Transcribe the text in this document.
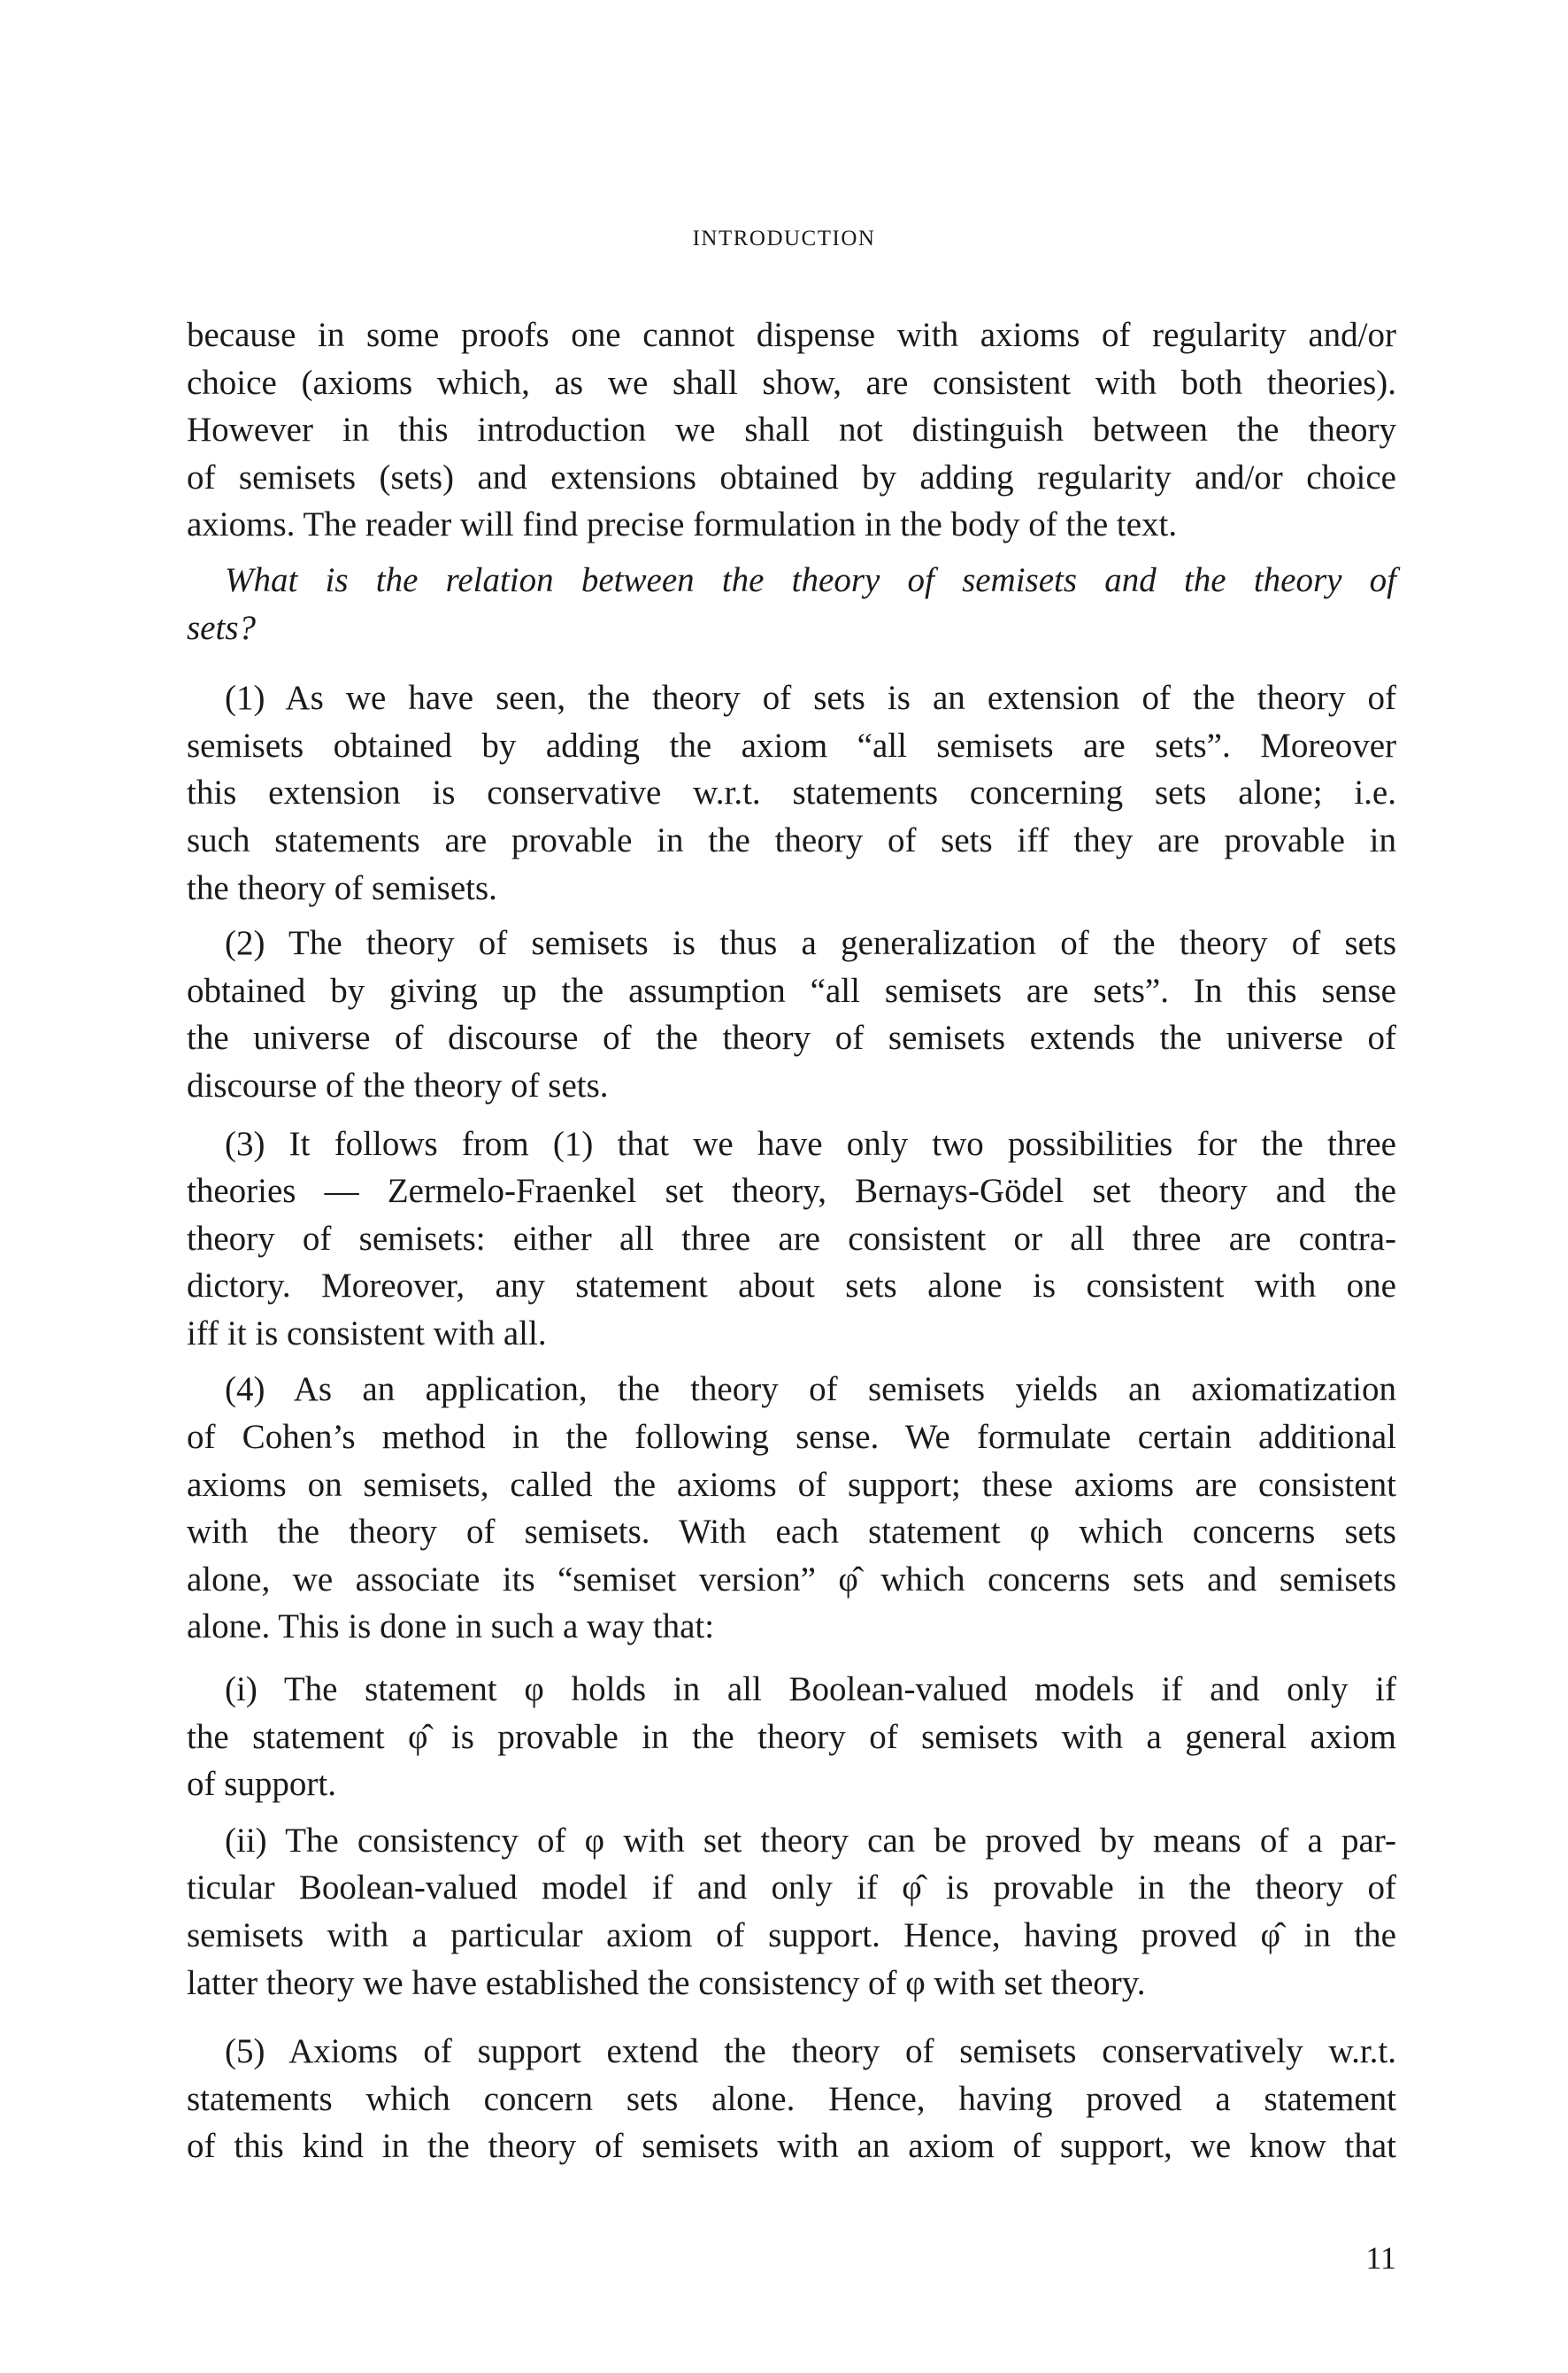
INTRODUCTION
because in some proofs one cannot dispense with axioms of regularity and/or
choice (axioms which, as we shall show, are consistent with both theories).
However in this introduction we shall not distinguish between the theory
of semisets (sets) and extensions obtained by adding regularity and/or choice
axioms. The reader will find precise formulation in the body of the text.
What is the relation between the theory of semisets and the theory of
sets?
(1) As we have seen, the theory of sets is an extension of the theory of
semisets obtained by adding the axiom “all semisets are sets”. Moreover
this extension is conservative w.r.t. statements concerning sets alone; i.e.
such statements are provable in the theory of sets iff they are provable in
the theory of semisets.
(2) The theory of semisets is thus a generalization of the theory of sets
obtained by giving up the assumption “all semisets are sets”. In this sense
the universe of discourse of the theory of semisets extends the universe of
discourse of the theory of sets.
(3) It follows from (1) that we have only two possibilities for the three
theories — Zermelo-Fraenkel set theory, Bernays-Gödel set theory and the
theory of semisets: either all three are consistent or all three are contra-
dictory. Moreover, any statement about sets alone is consistent with one
iff it is consistent with all.
(4) As an application, the theory of semisets yields an axiomatization
of Cohen’s method in the following sense. We formulate certain additional
axioms on semisets, called the axioms of support; these axioms are consistent
with the theory of semisets. With each statement φ which concerns sets
alone, we associate its “semiset version” φ̂ which concerns sets and semisets
alone. This is done in such a way that:
(i) The statement φ holds in all Boolean-valued models if and only if
the statement φ̂ is provable in the theory of semisets with a general axiom
of support.
(ii) The consistency of φ with set theory can be proved by means of a par-
ticular Boolean-valued model if and only if φ̂ is provable in the theory of
semisets with a particular axiom of support. Hence, having proved φ̂ in the
latter theory we have established the consistency of φ with set theory.
(5) Axioms of support extend the theory of semisets conservatively w.r.t.
statements which concern sets alone. Hence, having proved a statement
of this kind in the theory of semisets with an axiom of support, we know that
11
